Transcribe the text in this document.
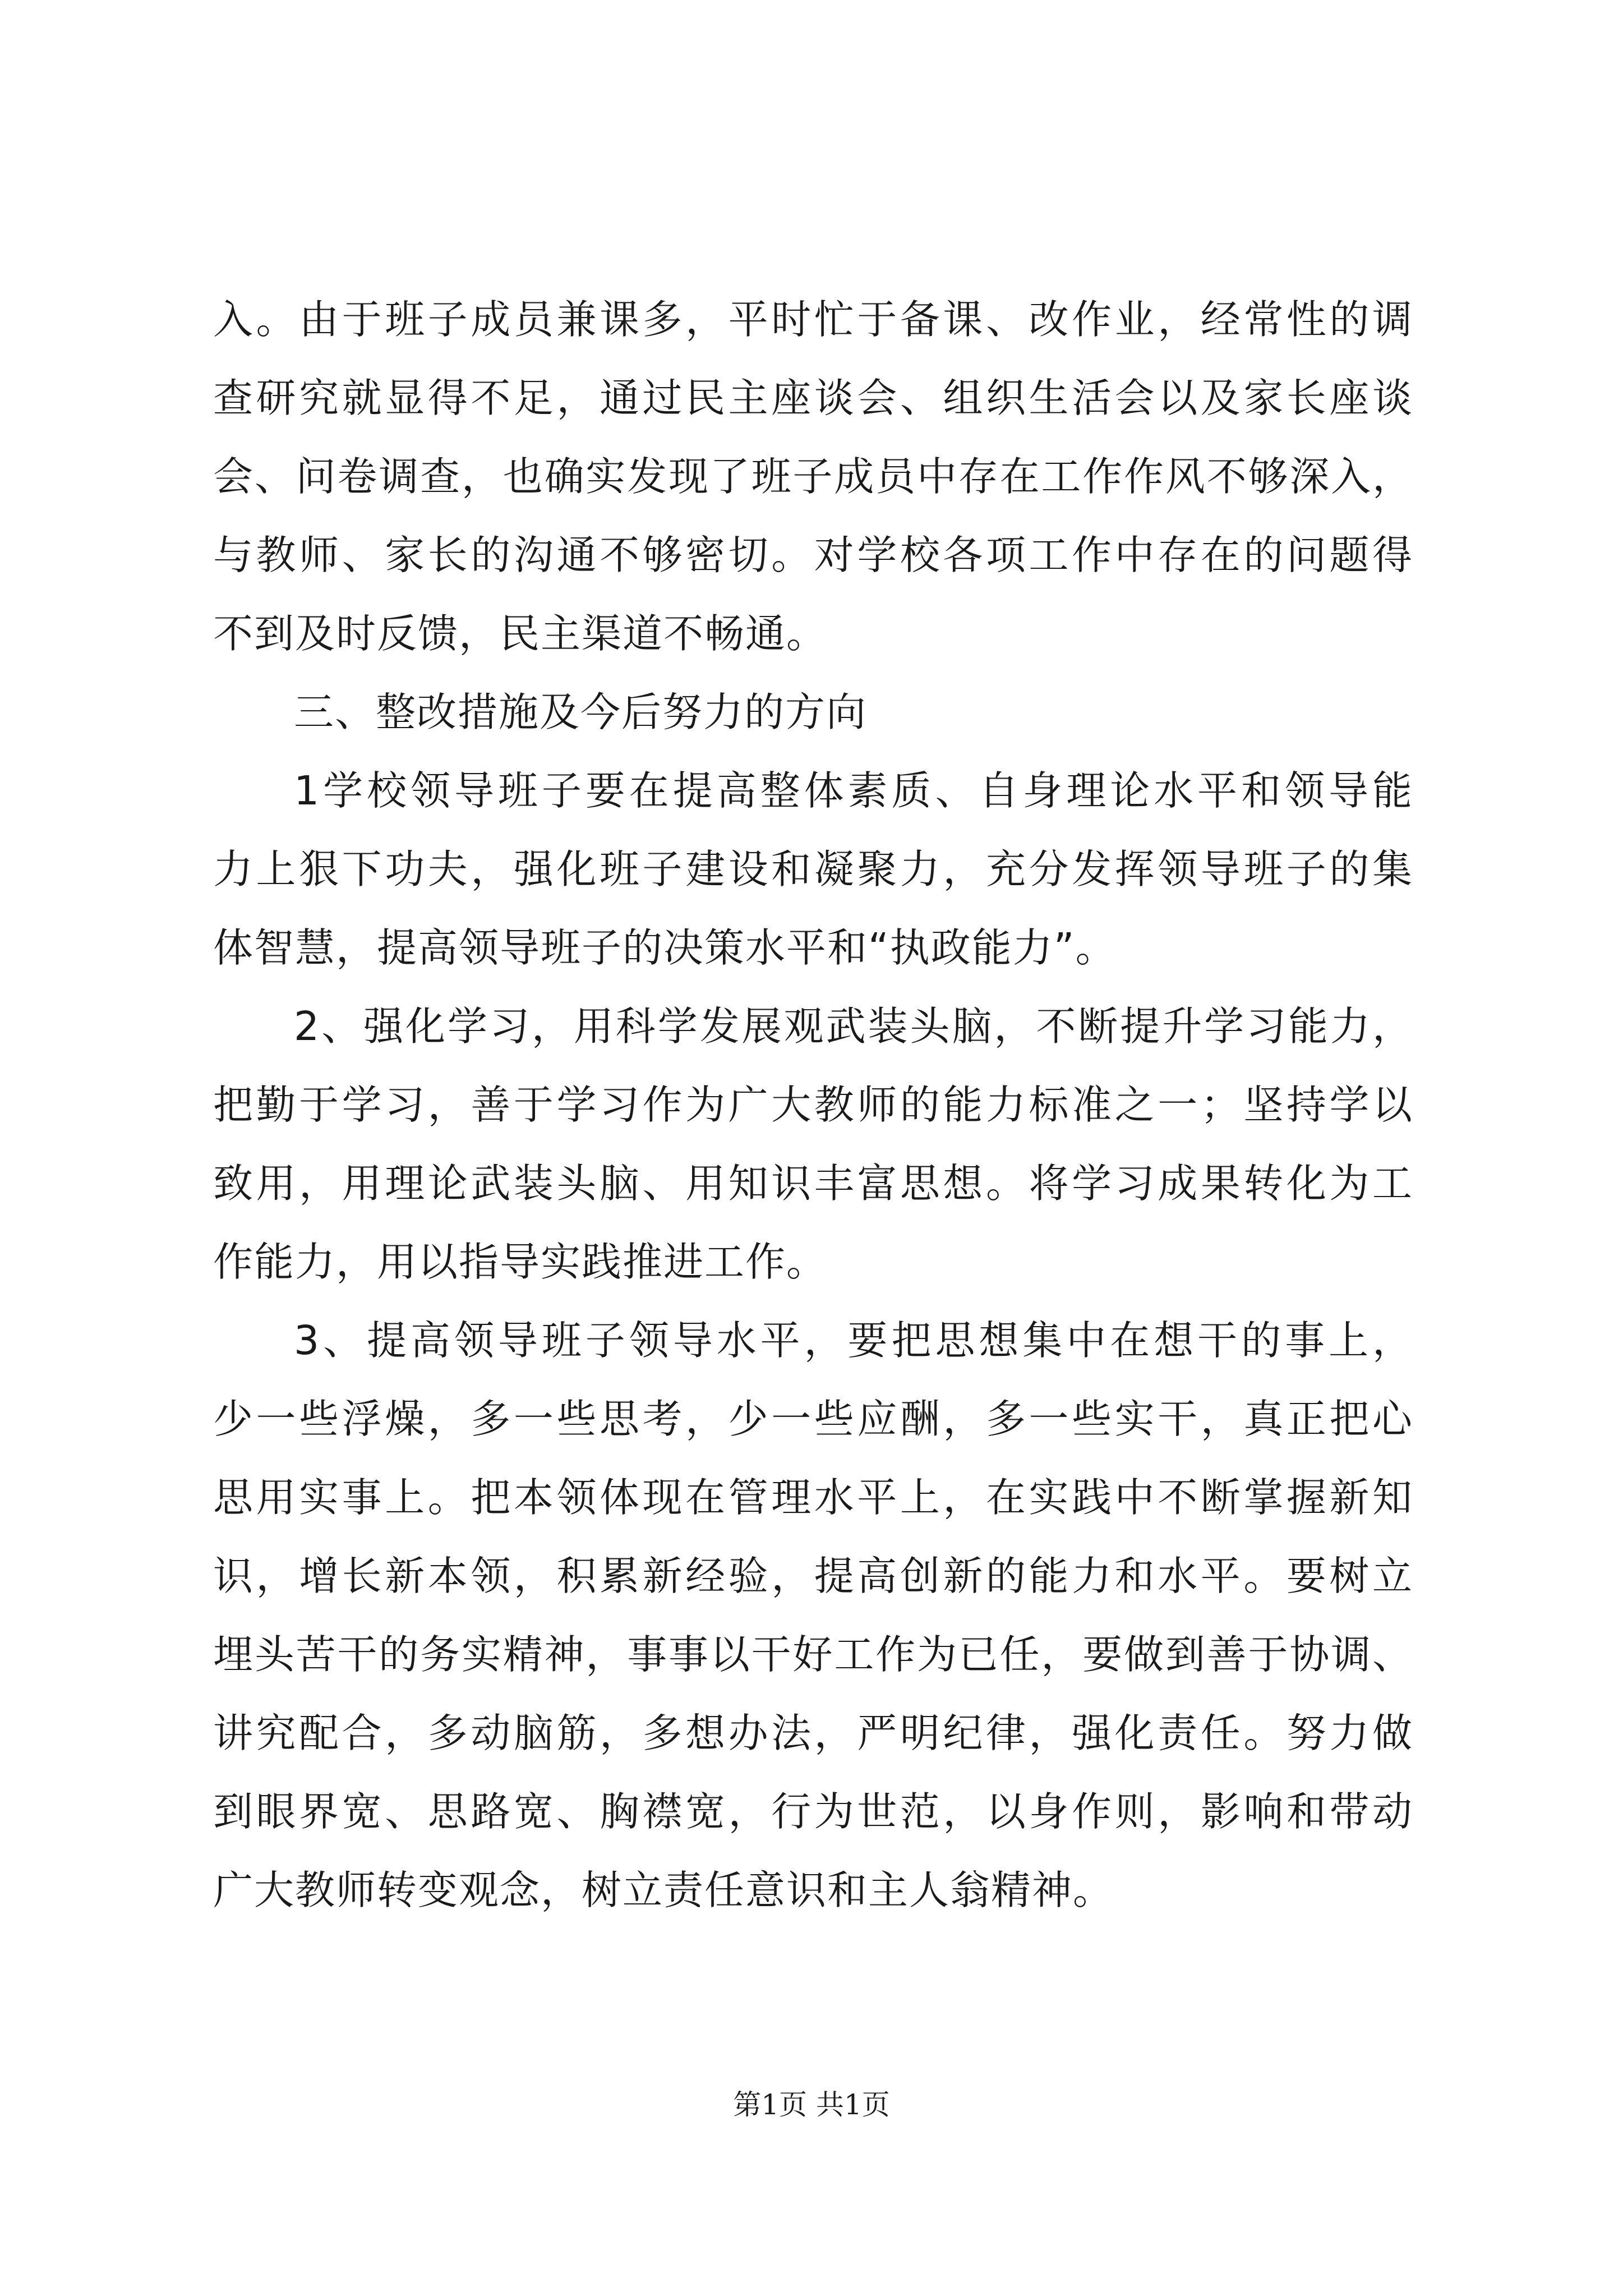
入。由于班子成员兼课多，平时忙于备课、改作业，经常性的调
查研究就显得不足，通过民主座谈会、组织生活会以及家长座谈
会、问卷调查，也确实发现了班子成员中存在工作作风不够深入，
与教师、家长的沟通不够密切。对学校各项工作中存在的问题得
不到及时反馈，民主渠道不畅通。
三、整改措施及今后努力的方向
1学校领导班子要在提高整体素质、自身理论水平和领导能
力上狠下功夫，强化班子建设和凝聚力，充分发挥领导班子的集
体智慧，提高领导班子的决策水平和“执政能力”。
2、强化学习，用科学发展观武装头脑，不断提升学习能力，
把勤于学习，善于学习作为广大教师的能力标准之一；坚持学以
致用，用理论武装头脑、用知识丰富思想。将学习成果转化为工
作能力，用以指导实践推进工作。
3、提高领导班子领导水平，要把思想集中在想干的事上，
少一些浮燥，多一些思考，少一些应酬，多一些实干，真正把心
思用实事上。把本领体现在管理水平上，在实践中不断掌握新知
识，增长新本领，积累新经验，提高创新的能力和水平。要树立
埋头苦干的务实精神，事事以干好工作为已任，要做到善于协调、
讲究配合，多动脑筋，多想办法，严明纪律，强化责任。努力做
到眼界宽、思路宽、胸襟宽，行为世范，以身作则，影响和带动
广大教师转变观念，树立责任意识和主人翁精神。
第1页 共1页
